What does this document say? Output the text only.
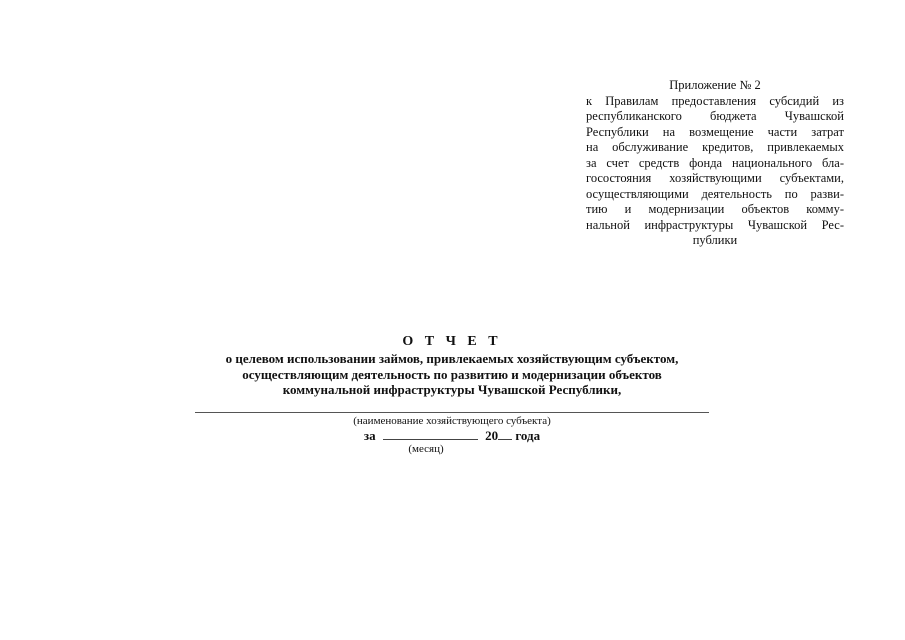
Приложение № 2
к Правилам предоставления субсидий из
республиканского бюджета Чувашской
Республики на возмещение части затрат
на обслуживание кредитов, привлекаемых
за счет средств фонда национального бла-
госостояния хозяйствующими субъектами,
осуществляющими деятельность по разви-
тию и модернизации объектов комму-
нальной инфраструктуры Чувашской Рес-
публики
О Т Ч Е Т
о целевом использовании займов, привлекаемых хозяйствующим субъектом,
осуществляющим деятельность по развитию и модернизации объектов
коммунальной инфраструктуры Чувашской Республики,
(наименование хозяйствующего субъекта)
за	20 года
(месяц)
